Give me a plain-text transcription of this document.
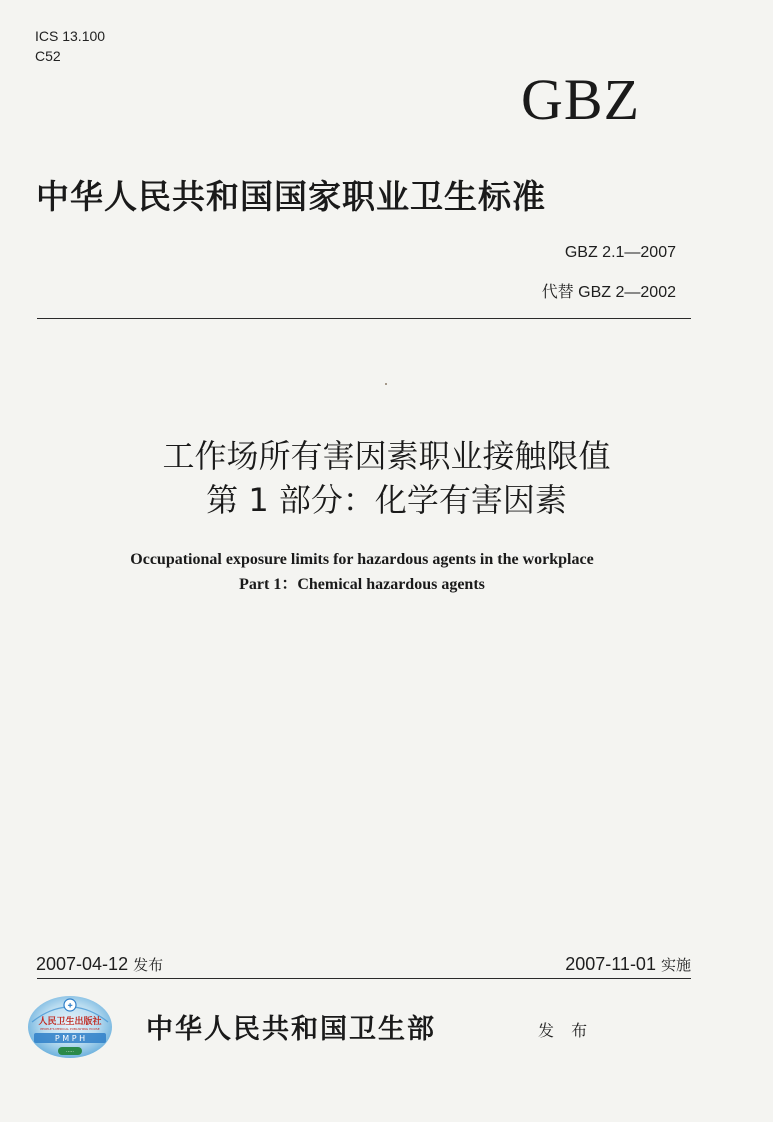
ICS 13.100
C52
GBZ
中华人民共和国国家职业卫生标准
GBZ 2.1—2007
代替 GBZ 2—2002
工作场所有害因素职业接触限值
第 1 部分：化学有害因素
Occupational exposure limits for hazardous agents in the workplace
Part 1：Chemical hazardous agents
2007-04-12 发布	2007-11-01 实施
✚
人民卫生出版社
PEOPLE'S MEDICAL PUBLISHING HOUSE
P M P H
·····
中华人民共和国卫生部	发 布
